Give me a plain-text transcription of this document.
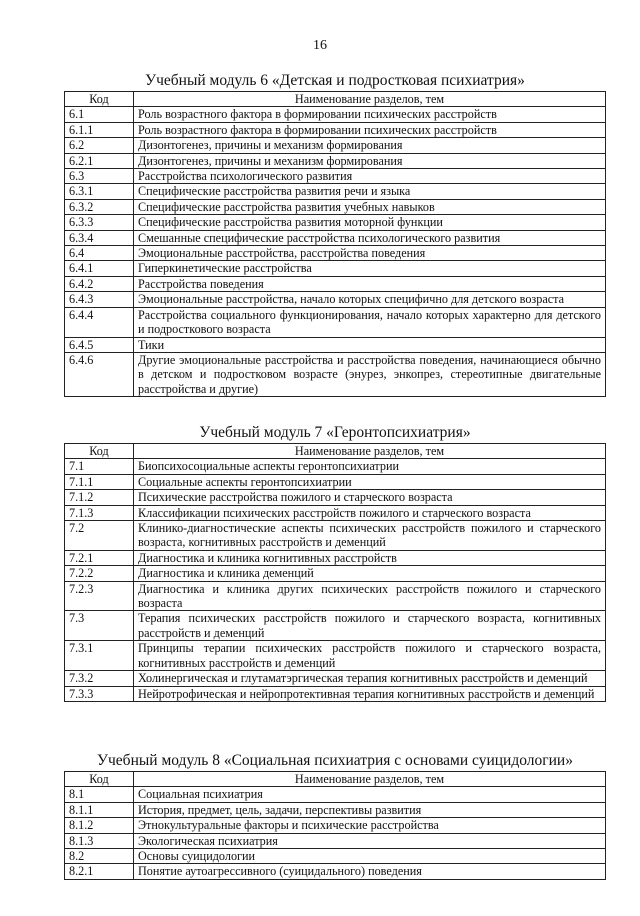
16
Учебный модуль 6 «Детская и подростковая психиатрия»
Код	Наименование разделов, тем
6.1	Роль возрастного фактора в формировании психических расстройств
6.1.1	Роль возрастного фактора в формировании психических расстройств
6.2	Дизонтогенез, причины и механизм формирования
6.2.1	Дизонтогенез, причины и механизм формирования
6.3	Расстройства психологического развития
6.3.1	Специфические расстройства развития речи и языка
6.3.2	Специфические расстройства развития учебных навыков
6.3.3	Специфические расстройства развития моторной функции
6.3.4	Смешанные специфические расстройства психологического развития
6.4	Эмоциональные расстройства, расстройства поведения
6.4.1	Гиперкинетические расстройства
6.4.2	Расстройства поведения
6.4.3	Эмоциональные расстройства, начало которых специфично для детского возраста
6.4.4	Расстройства социального функционирования, начало которых характерно для детского и подросткового возраста
6.4.5	Тики
6.4.6	Другие эмоциональные расстройства и расстройства поведения, начинающиеся обычно в детском и подростковом возрасте (энурез, энкопрез, стереотипные двигательные расстройства и другие)
Учебный модуль 7 «Геронтопсихиатрия»
Код	Наименование разделов, тем
7.1	Биопсихосоциальные аспекты геронтопсихиатрии
7.1.1	Социальные аспекты геронтопсихиатрии
7.1.2	Психические расстройства пожилого и старческого возраста
7.1.3	Классификации психических расстройств пожилого и старческого возраста
7.2	Клинико-диагностические аспекты психических расстройств пожилого и старческого возраста, когнитивных расстройств и деменций
7.2.1	Диагностика и клиника когнитивных расстройств
7.2.2	Диагностика и клиника деменций
7.2.3	Диагностика и клиника других психических расстройств пожилого и старческого возраста
7.3	Терапия психических расстройств пожилого и старческого возраста, когнитивных расстройств и деменций
7.3.1	Принципы терапии психических расстройств пожилого и старческого возраста, когнитивных расстройств и деменций
7.3.2	Холинергическая и глутаматэргическая терапия когнитивных расстройств и деменций
7.3.3	Нейротрофическая и нейропротективная терапия когнитивных расстройств и деменций
Учебный модуль 8 «Социальная психиатрия с основами суицидологии»
Код	Наименование разделов, тем
8.1	Социальная психиатрия
8.1.1	История, предмет, цель, задачи, перспективы развития
8.1.2	Этнокультуральные факторы и психические расстройства
8.1.3	Экологическая психиатрия
8.2	Основы суицидологии
8.2.1	Понятие аутоагрессивного (суицидального) поведения
